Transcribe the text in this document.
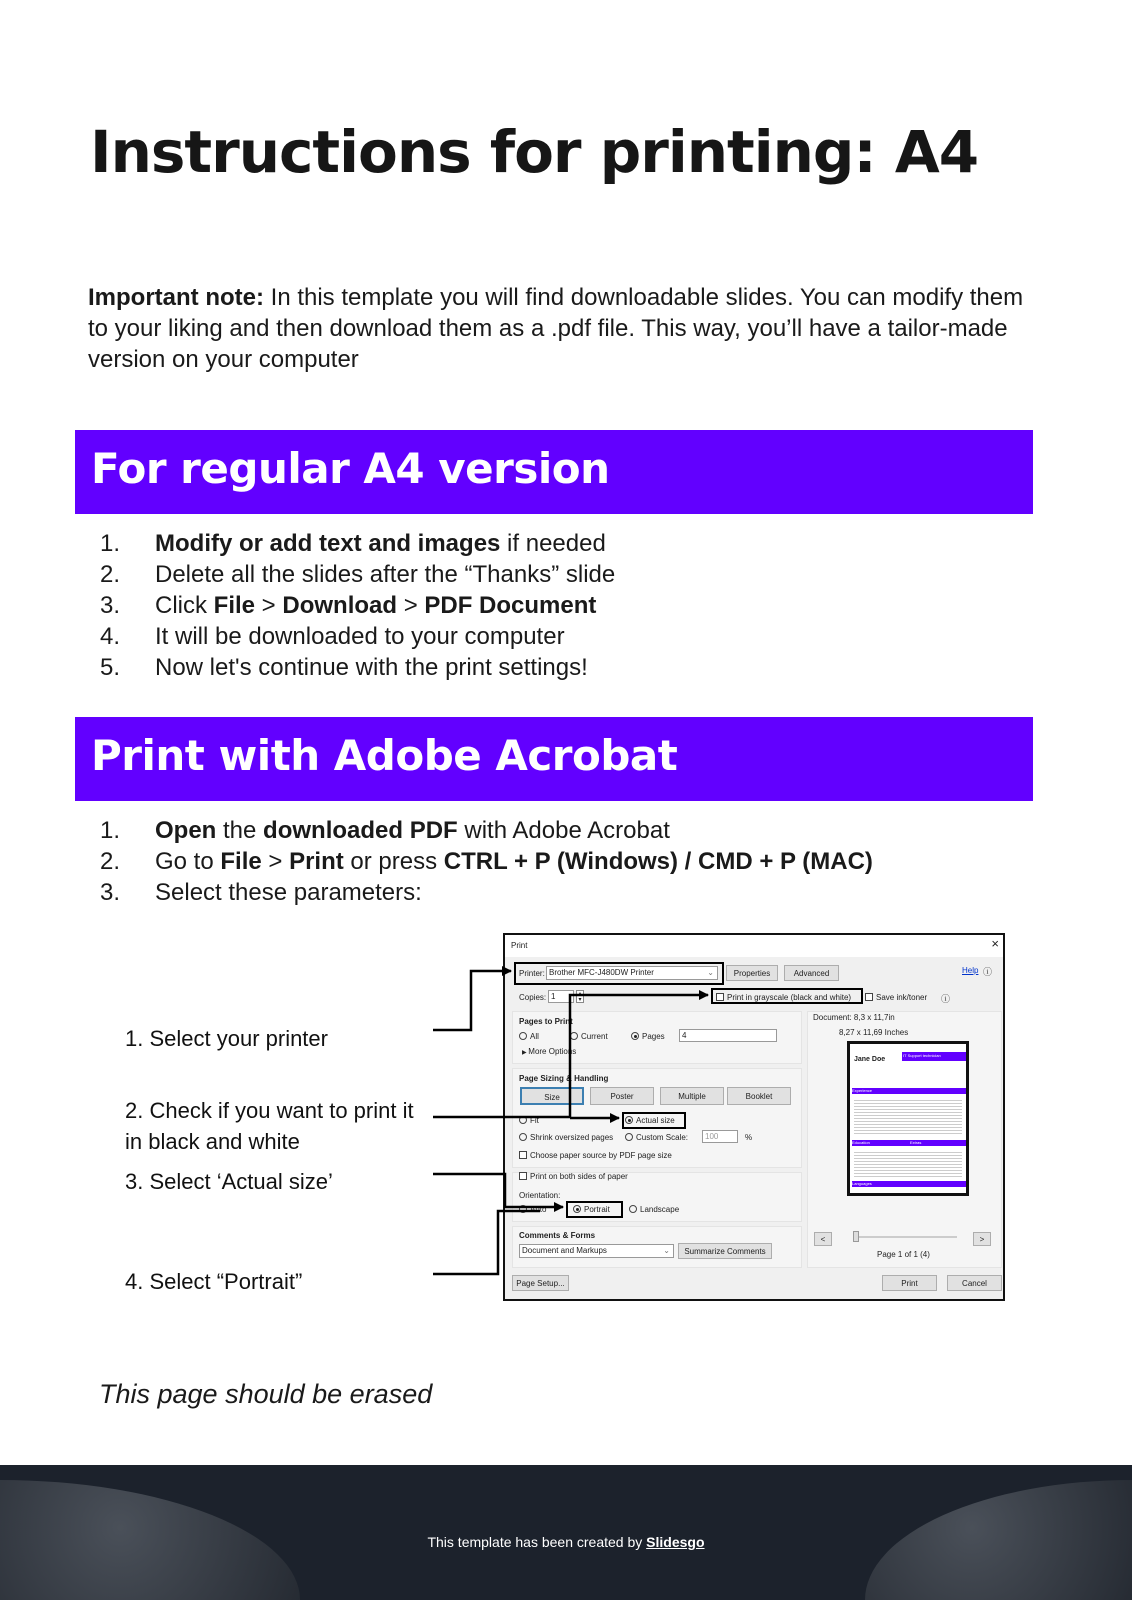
Instructions for printing: A4
Important note: In this template you will find downloadable slides. You can modify them to your liking and then download them as a .pdf file. This way, you’ll have a tailor-made version on your computer
For regular A4 version
1.	Modify or add text and images if needed
2.	Delete all the slides after the “Thanks” slide
3.	Click File > Download > PDF Document
4.	It will be downloaded to your computer
5.	Now let's continue with the print settings!
Print with Adobe Acrobat
1.	Open the downloaded PDF with Adobe Acrobat
2.	Go to File > Print or press CTRL + P (Windows) / CMD + P (MAC)
3.	Select these parameters:
1. Select your printer
2. Check if you want to print it in black and white
3. Select ‘Actual size’
4. Select “Portrait”
Print	×
Printer: Brother MFC-J480DW Printer	⌄	Properties	Advanced	Help ⓘ
Copies: 1	▴
▾	Print in grayscale (black and white)	Save ink/toner ⓘ
Pages to Print
All	Current	Pages	4
▶ More Options
Page Sizing & Handling
Size	Poster	Multiple	Booklet
Fit	Actual size
Shrink oversized pages	Custom Scale:	100	%
Choose paper source by PDF page size
Print on both sides of paper
Orientation:
Auto	Portrait	Landscape
Comments & Forms
Document and Markups	⌄	Summarize Comments
Document: 8,3 x 11,7in
8,27 x 11,69 Inches
Jane Doe
IT Support technician
Experience
Education	Extras
Languages
<	>
Page 1 of 1 (4)
Page Setup...	Print	Cancel
This page should be erased
This template has been created by Slidesgo
